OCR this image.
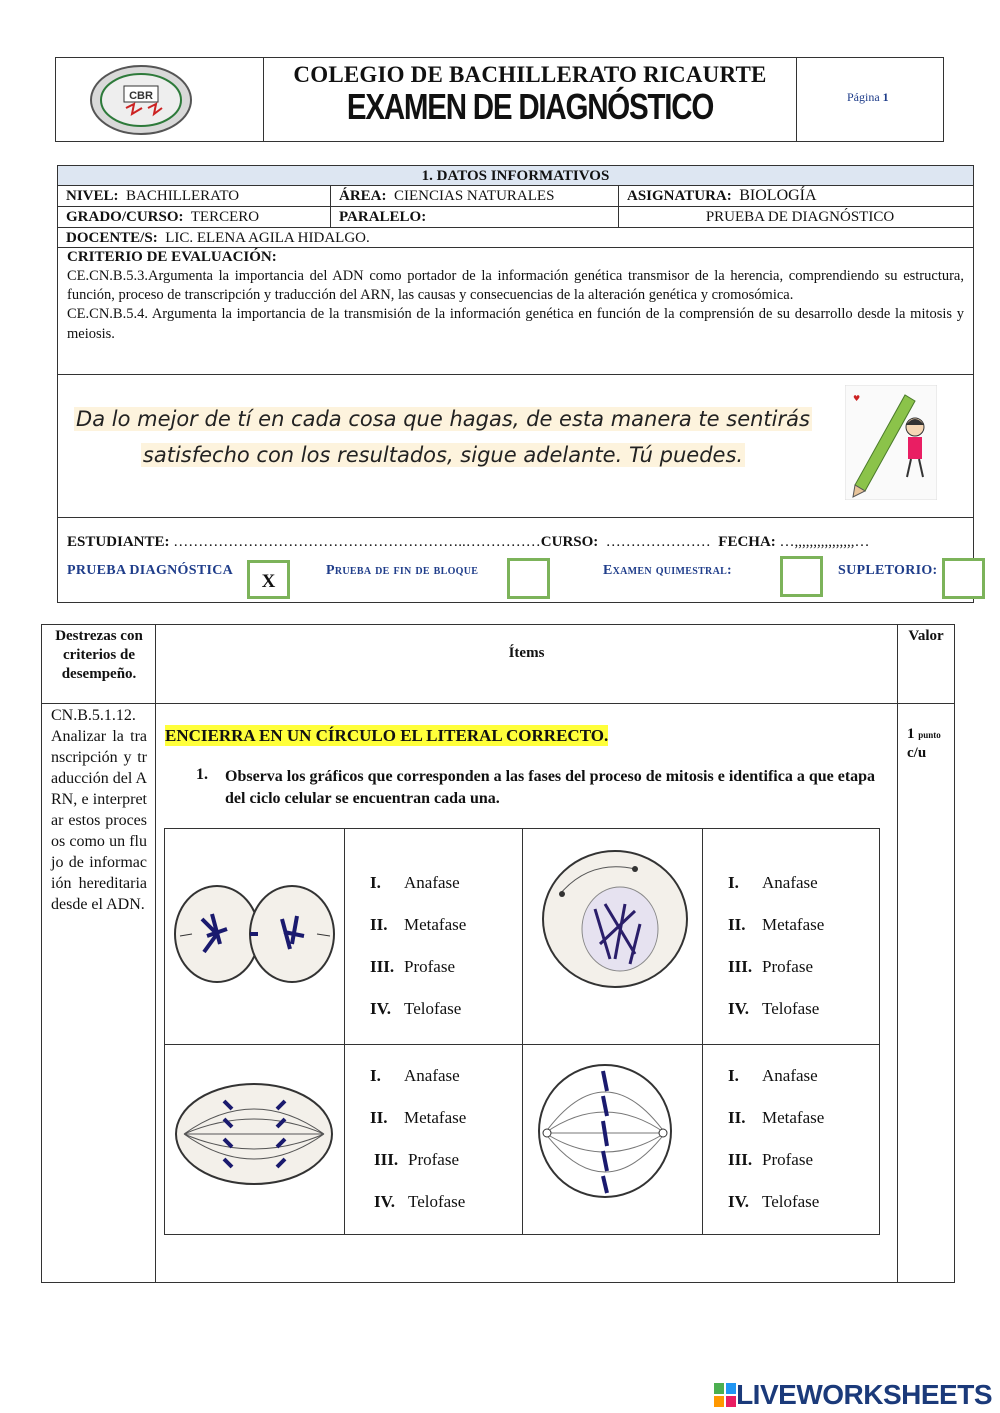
CBR
COLEGIO DE BACHILLERATO RICAURTE
EXAMEN DE DIAGNÓSTICO	Página 1
1. DATOS INFORMATIVOS
NIVEL: BACHILLERATO	ÁREA: CIENCIAS NATURALES	ASIGNATURA: BIOLOGÍA
GRADO/CURSO: TERCERO	PARALELO:	PRUEBA DE DIAGNÓSTICO
DOCENTE/S: LIC. ELENA AGILA HIDALGO.
CRITERIO DE EVALUACIÓN:
CE.CN.B.5.3.Argumenta la importancia del ADN como portador de la información genética transmisor de la herencia, comprendiendo su estructura, función, proceso de transcripción y traducción del ARN, las causas y consecuencias de la alteración genética y cromosómica.
CE.CN.B.5.4. Argumenta la importancia de la transmisión de la información genética en función de la comprensión de su desarrollo desde la mitosis y meiosis.
Da lo mejor de tí en cada cosa que hagas, de esta manera te sentirás
satisfecho con los resultados, sigue adelante. Tú puedes.
♥
ESTUDIANTE: …………………………………………………..……………CURSO: ………………… FECHA: …,,,,,,,,,,,,,,,,…
PRUEBA DIAGNÓSTICA	Prueba de fin de bloque	Examen quimestral:	SUPLETORIO:
X
Destrezas con criterios de desempeño.
Ítems
Valor
CN.B.5.1.12. Analizar la transcripción y traducción del ARN, e interpretar estos procesos como un flujo de información hereditaria desde el ADN.
1 punto
c/u
ENCIERRA EN UN CÍRCULO EL LITERAL CORRECTO.
1. Observa los gráficos que corresponden a las fases del proceso de mitosis e identifica a que etapa del ciclo celular se encuentran cada una.
I. Anafase
II. Metafase
III. Profase
IV. Telofase
I. Anafase
II. Metafase
III. Profase
IV. Telofase
I. Anafase
II. Metafase
III. Profase
IV. Telofase
I. Anafase
II. Metafase
III. Profase
IV. Telofase
LIVEWORKSHEETS
